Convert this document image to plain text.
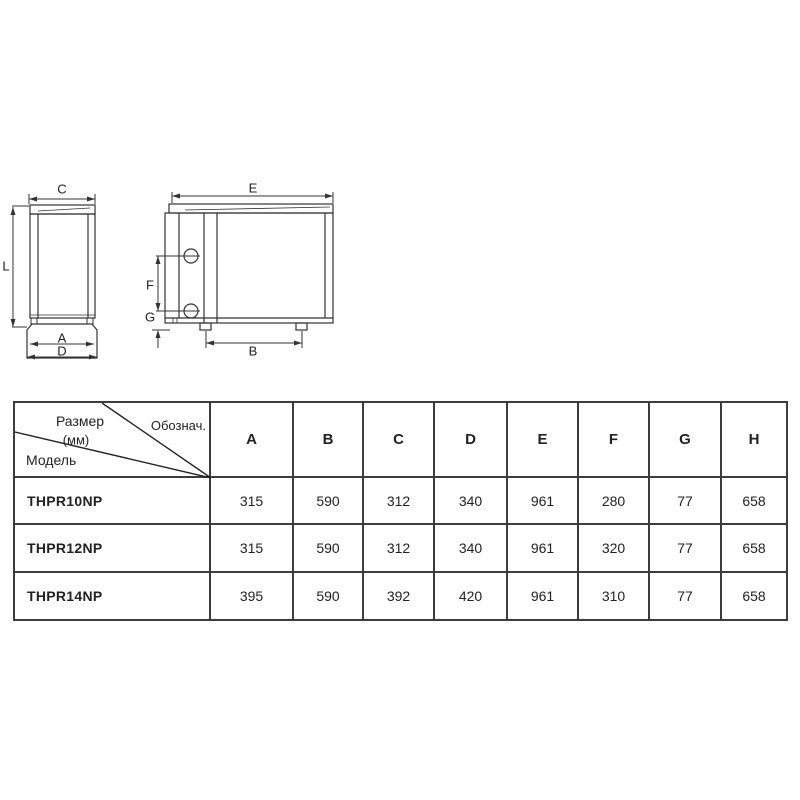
C
L
A
D
E
F
G
B
Размер
(мм)
Обознач.
Модель
A	B	C	D	E	F	G	H
THPR10NP	315	590	312	340	961	280	77	658
THPR12NP	315	590	312	340	961	320	77	658
THPR14NP	395	590	392	420	961	310	77	658
